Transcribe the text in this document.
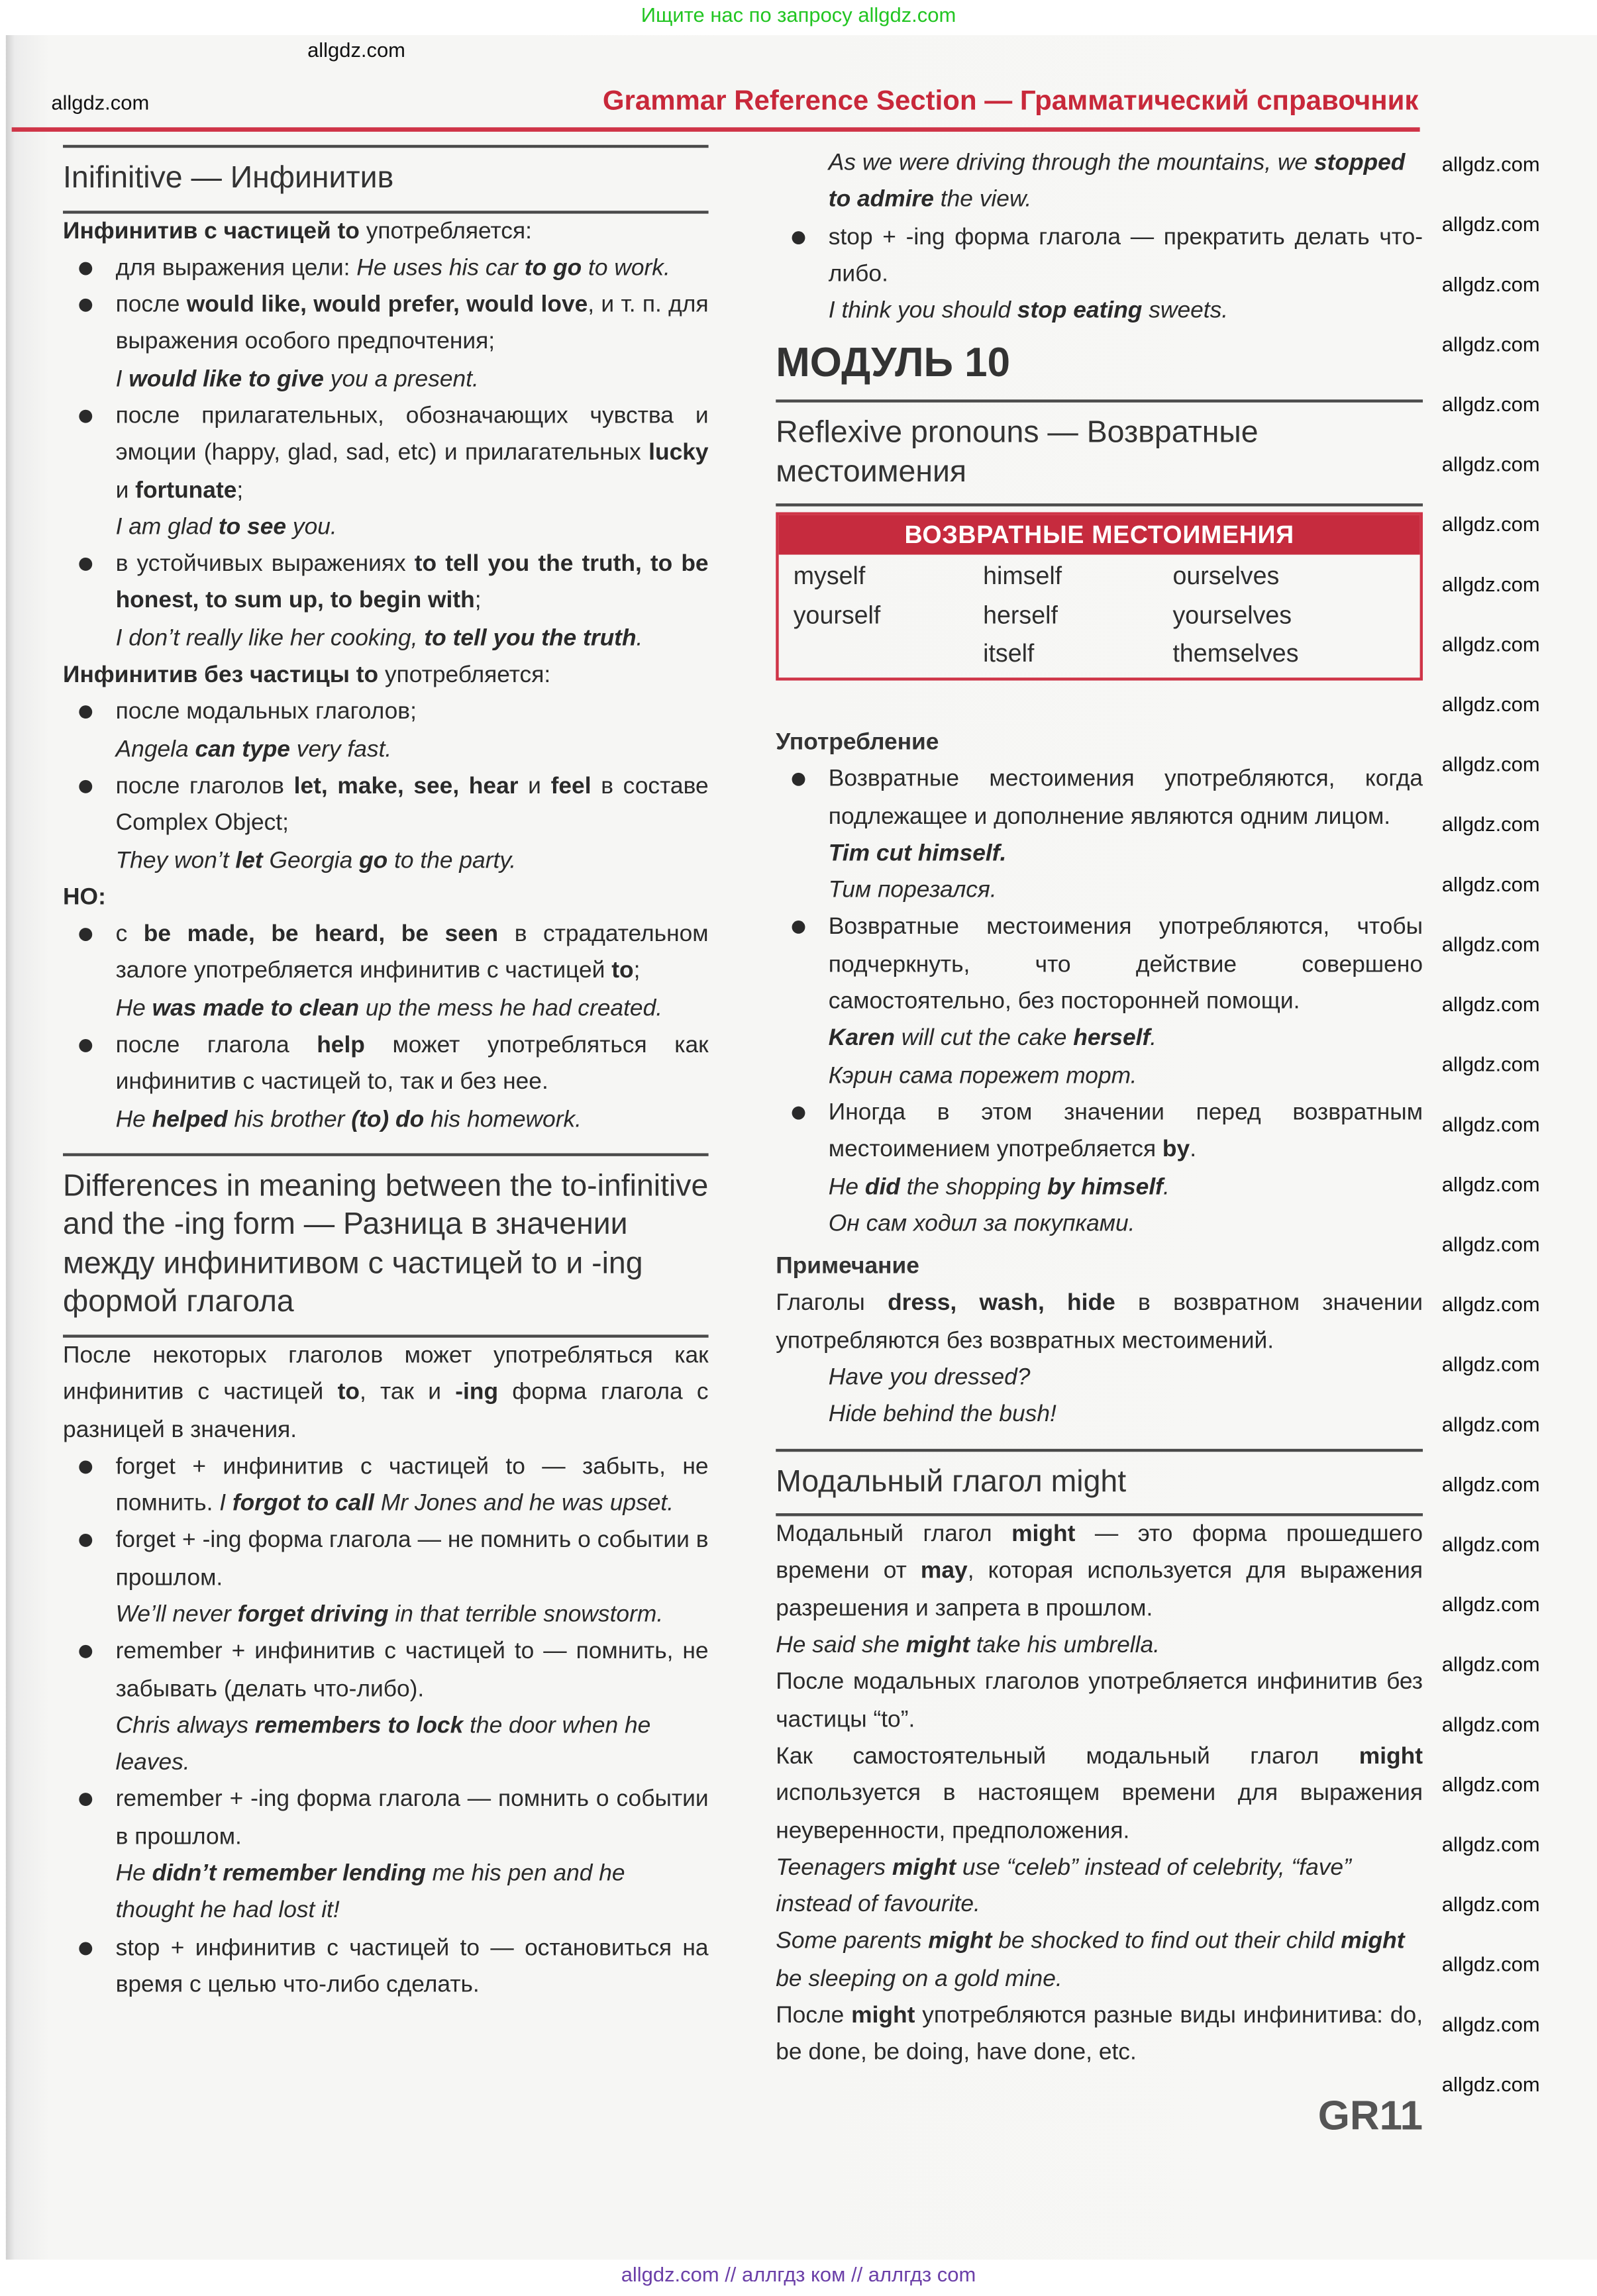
Ищите нас по запросу allgdz.com
Grammar Reference Section — Грамматический справочник
Inifinitive — Инфинитив
Инфинитив с частицей to употребляется:
для выражения цели: He uses his car to go to work.
после would like, would prefer, would love, и т. п. для выражения особого предпочтения;
I would like to give you a present.
после прилагательных, обозначающих чувства и эмоции (happy, glad, sad, etc) и прилагательных lucky и fortunate;
I am glad to see you.
в устойчивых выражениях to tell you the truth, to be honest, to sum up, to begin with;
I don’t really like her cooking, to tell you the truth.
Инфинитив без частицы to употребляется:
после модальных глаголов;
Angela can type very fast.
после глаголов let, make, see, hear и feel в составе Complex Object;
They won’t let Georgia go to the party.
НО:
с be made, be heard, be seen в страдательном залоге употребляется инфинитив с частицей to;
He was made to clean up the mess he had created.
после глагола help может употребляться как инфинитив с частицей to, так и без нее.
He helped his brother (to) do his homework.
Differences in meaning between the to-infinitive and the -ing form — Разница в значении между инфинитивом с частицей to и -ing формой глагола
После некоторых глаголов может употребляться как инфинитив с частицей to, так и -ing форма глагола с разницей в значения.
forget + инфинитив с частицей to — забыть, не помнить. I forgot to call Mr Jones and he was upset.
forget + -ing форма глагола — не помнить о событии в прошлом.
We’ll never forget driving in that terrible snowstorm.
remember + инфинитив с частицей to — помнить, не забывать (делать что-либо).
Chris always remembers to lock the door when he leaves.
remember + -ing форма глагола — помнить о событии в прошлом.
He didn’t remember lending me his pen and he thought he had lost it!
stop + инфинитив с частицей to — остановиться на время с целью что-либо сделать.
As we were driving through the mountains, we stopped to admire the view.
stop + -ing форма глагола — прекратить делать что-либо.
I think you should stop eating sweets.
МОДУЛЬ 10
Reflexive pronouns — Возвратные местоимения
ВОЗВРАТНЫЕ МЕСТОИМЕНИЯ
myself
yourself
himself
herself
itself
ourselves
yourselves
themselves
Употребление
Возвратные местоимения употребляются, когда подлежащее и дополнение являются одним лицом.
Tim cut himself.
Тим порезался.
Возвратные местоимения употребляются, чтобы подчеркнуть, что действие совершено самостоятельно, без посторонней помощи.
Karen will cut the cake herself.
Кэрин сама порежет торт.
Иногда в этом значении перед возвратным местоимением употребляется by.
He did the shopping by himself.
Он сам ходил за покупками.
Примечание
Глаголы dress, wash, hide в возвратном значении употребляются без возвратных местоимений.
Have you dressed?
Hide behind the bush!
Модальный глагол might
Модальный глагол might — это форма прошедшего времени от may, которая используется для выражения разрешения и запрета в прошлом.
He said she might take his umbrella.
После модальных глаголов употребляется инфинитив без частицы “to”.
Как самостоятельный модальный глагол might используется в настоящем времени для выражения неуверенности, предположения.
Teenagers might use “celeb” instead of celebrity, “fave” instead of favourite.
Some parents might be shocked to find out their child might be sleeping on a gold mine.
После might употребляются разные виды инфинитива: do, be done, be doing, have done, etc.
GR11
allgdz.com // аллгдз ком // аллгдз com
allgdz.com
allgdz.com
allgdz.com
allgdz.com
allgdz.com
allgdz.com
allgdz.com
allgdz.com
allgdz.com
allgdz.com
allgdz.com
allgdz.com
allgdz.com
allgdz.com
allgdz.com
allgdz.com
allgdz.com
allgdz.com
allgdz.com
allgdz.com
allgdz.com
allgdz.com
allgdz.com
allgdz.com
allgdz.com
allgdz.com
allgdz.com
allgdz.com
allgdz.com
allgdz.com
allgdz.com
allgdz.com
allgdz.com
allgdz.com
allgdz.com
